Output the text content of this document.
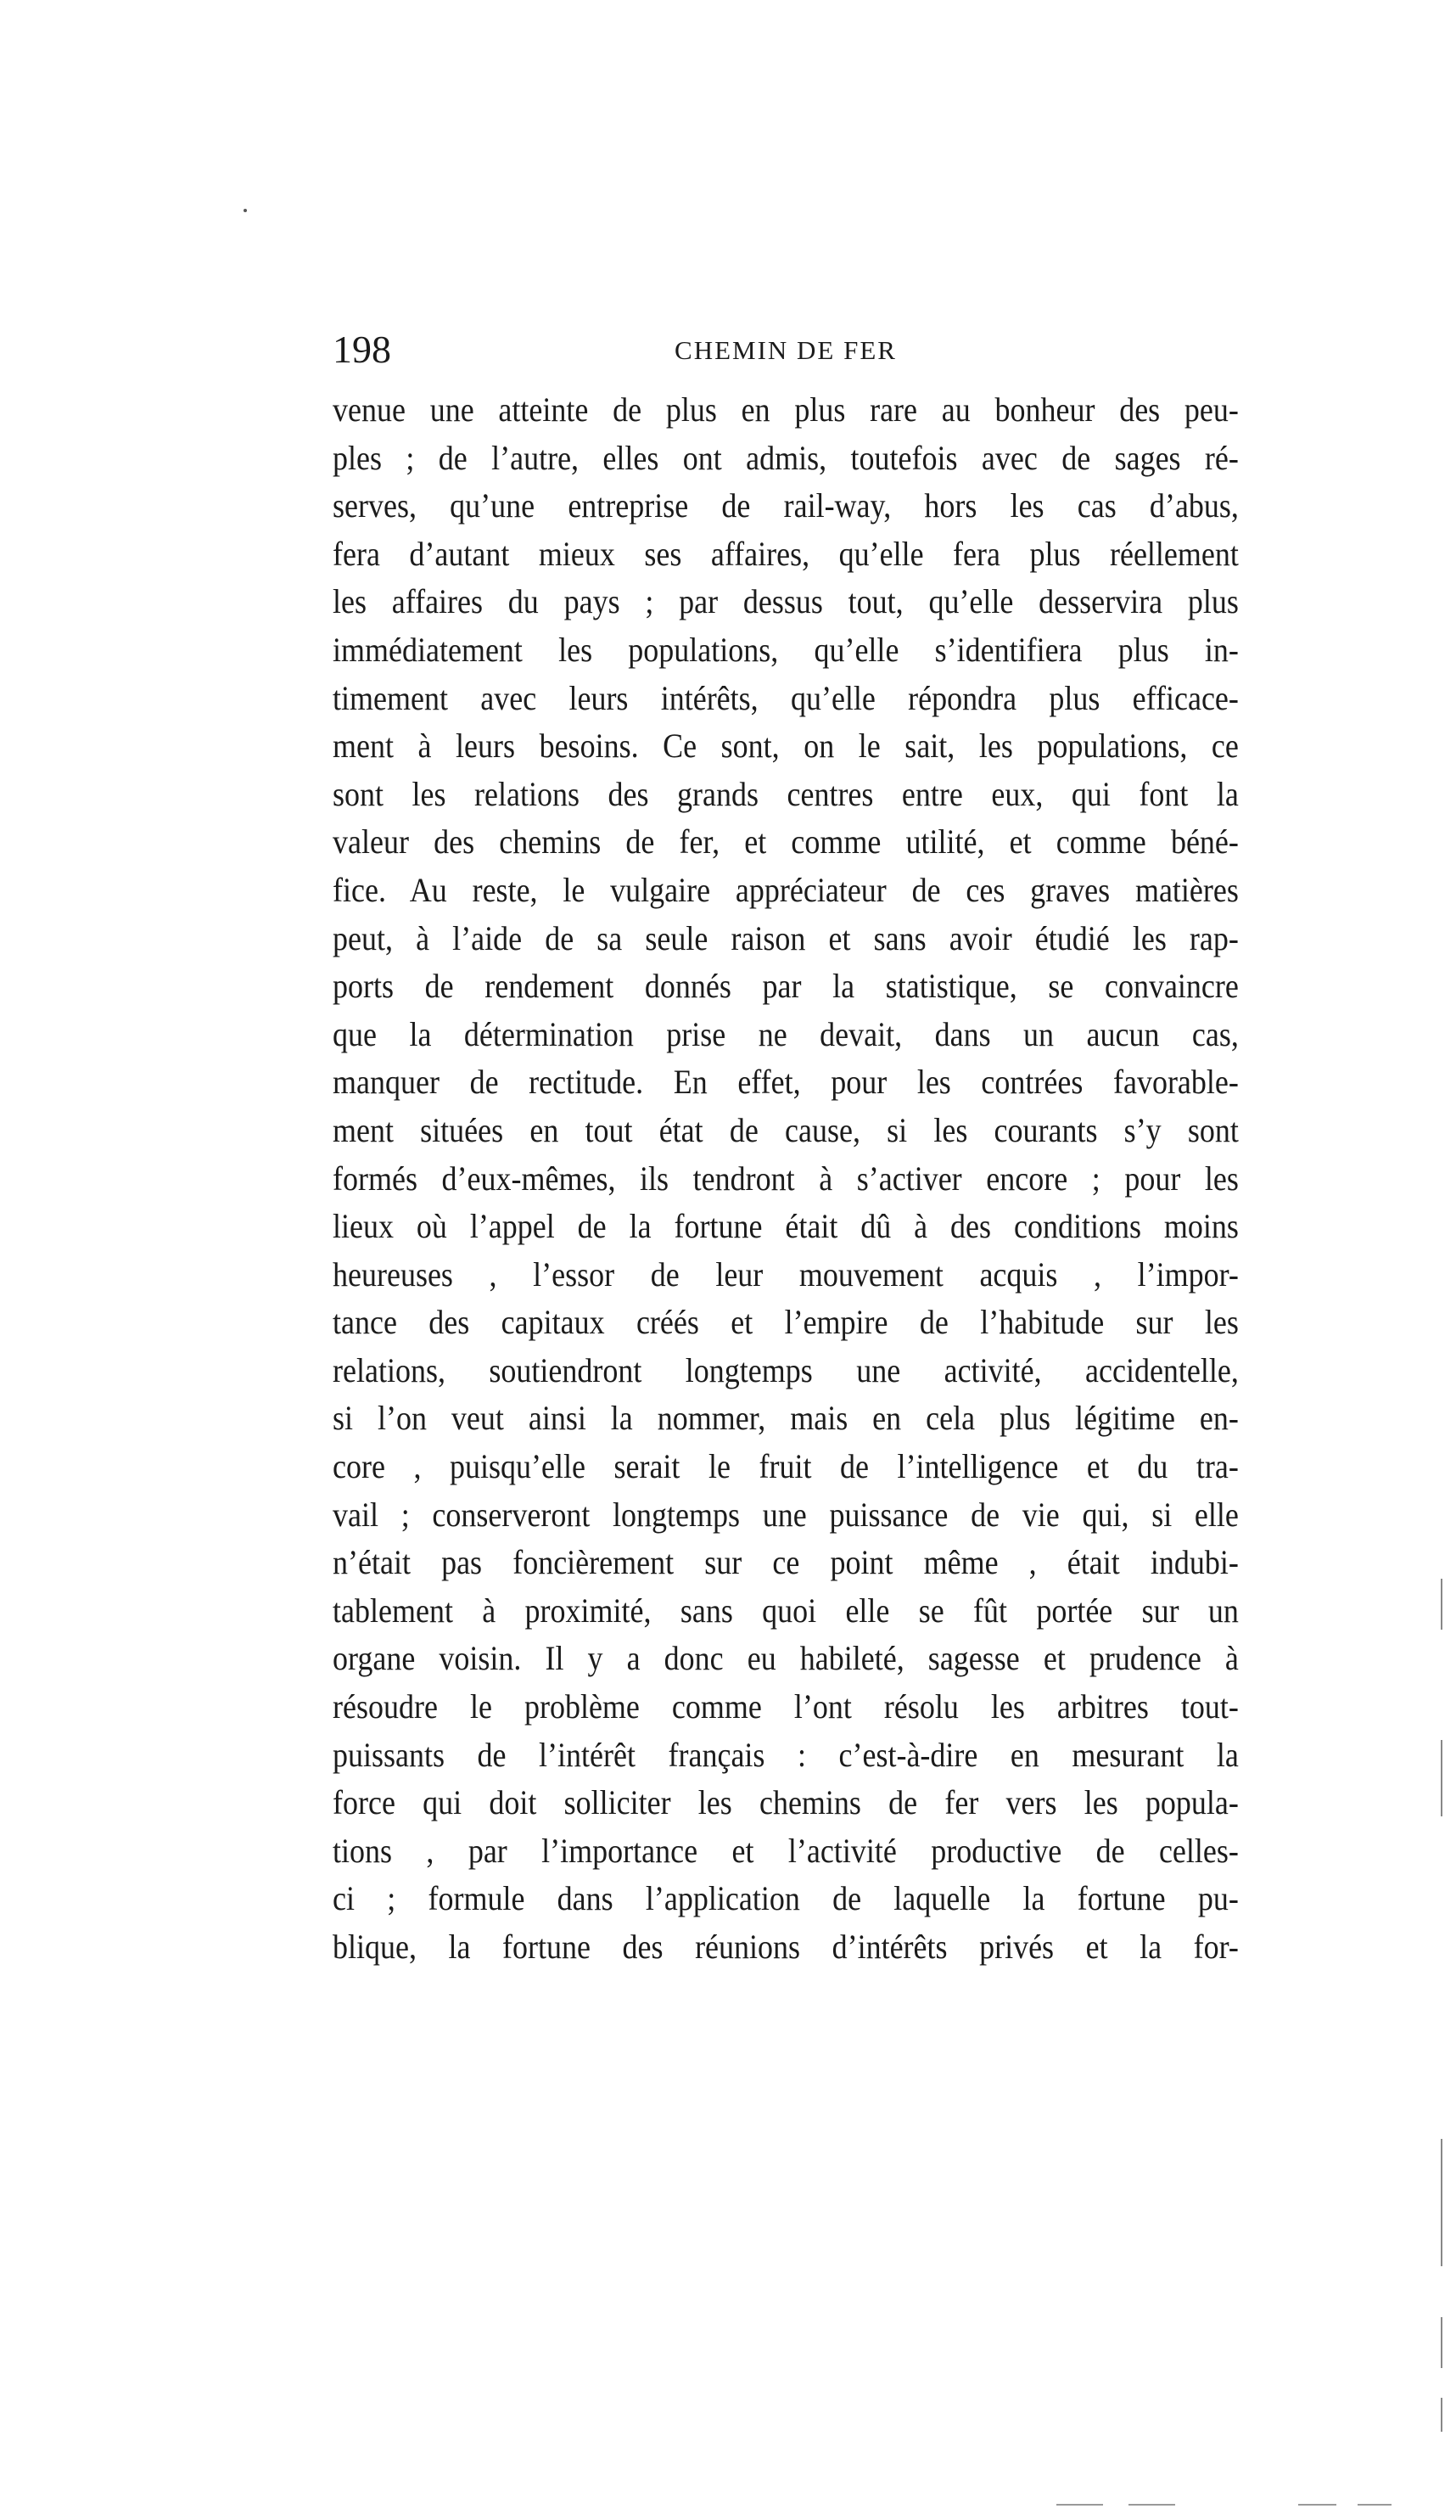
198	CHEMIN DE FER
venue une atteinte de plus en plus rare au bonheur des peu-
ples ; de l’autre, elles ont admis, toutefois avec de sages ré-
serves, qu’une entreprise de rail-way, hors les cas d’abus,
fera d’autant mieux ses affaires, qu’elle fera plus réellement
les affaires du pays ; par dessus tout, qu’elle desservira plus
immédiatement les populations, qu’elle s’identifiera plus in-
timement avec leurs intérêts, qu’elle répondra plus efficace-
ment à leurs besoins. Ce sont, on le sait, les populations, ce
sont les relations des grands centres entre eux, qui font la
valeur des chemins de fer, et comme utilité, et comme béné-
fice. Au reste, le vulgaire appréciateur de ces graves matières
peut, à l’aide de sa seule raison et sans avoir étudié les rap-
ports de rendement donnés par la statistique, se convaincre
que la détermination prise ne devait, dans un aucun cas,
manquer de rectitude. En effet, pour les contrées favorable-
ment situées en tout état de cause, si les courants s’y sont
formés d’eux-mêmes, ils tendront à s’activer encore ; pour les
lieux où l’appel de la fortune était dû à des conditions moins
heureuses , l’essor de leur mouvement acquis , l’impor-
tance des capitaux créés et l’empire de l’habitude sur les
relations, soutiendront longtemps une activité, accidentelle,
si l’on veut ainsi la nommer, mais en cela plus légitime en-
core , puisqu’elle serait le fruit de l’intelligence et du tra-
vail ; conserveront longtemps une puissance de vie qui, si elle
n’était pas foncièrement sur ce point même , était indubi-
tablement à proximité, sans quoi elle se fût portée sur un
organe voisin. Il y a donc eu habileté, sagesse et prudence à
résoudre le problème comme l’ont résolu les arbitres tout-
puissants de l’intérêt français : c’est-à-dire en mesurant la
force qui doit solliciter les chemins de fer vers les popula-
tions , par l’importance et l’activité productive de celles-
ci ; formule dans l’application de laquelle la fortune pu-
blique, la fortune des réunions d’intérêts privés et la for-
